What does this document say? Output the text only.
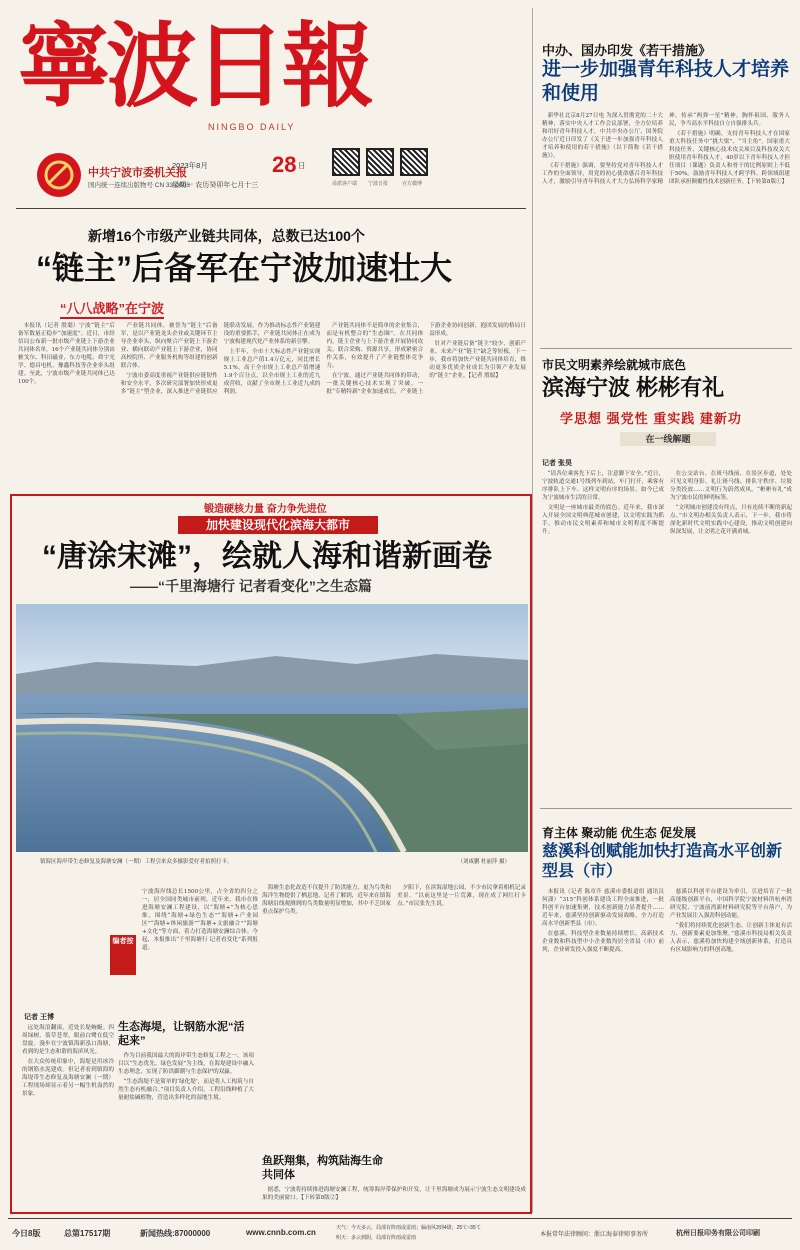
寧波日報
NINGBO DAILY
中共宁波市委机关报
国内统一连续出版物号 CN 33-0003
2023年8月	28 日
星期一 农历癸卯年七月十三	甬派客户端 宁波日报	官方微博
中办、国办印发《若干措施》
进一步加强青年科技人才培养和使用

新华社北京8月27日电 为深入贯彻党的二十大精神，落实中央人才工作会议部署，全方位培养和用好青年科技人才，中共中央办公厅、国务院办公厅近日印发了《关于进一步加强青年科技人才培养和使用的若干措施》（以下简称《若干措施》）。

《若干措施》强调，要坚持党对青年科技人才工作的全面领导，用党的初心使命感召青年科技人才，激励引导青年科技人才大力弘扬科学家精神，传承“两弹一星”精神，胸怀祖国、服务人民，争当高水平科技自立自强排头兵。

《若干措施》明确，支持青年科技人才在国家重大科技任务中“挑大梁”、“当主角”。国家重大科技任务、关键核心技术攻关项目及科技攻关大胆使用青年科技人才，40岁以下青年科技人才担任项目（课题）负责人和骨干的比例原则上不低于50%。鼓励青年科技人才跨学科、跨领域组建团队承担颠覆性技术创新任务。【下转第8版①】

新增16个市级产业链共同体，总数已达100个
“链主”后备军在宁波加速壮大
“八八战略”在宁波

本报讯（记者 殷聪）宁波“链主”后备军数量正稳步“加速度”。近日，市经信局公布新一批市级产业链上下游企业共同体名单，16个产业链共同体分别由雅戈尔、科田磁业、东方电缆、舜宇光学、德昌电机、豫鑫科技等企业牵头组建。至此，宁波市级产业链共同体已达100个。

产业链共同体，被誉为“链主”后备军，是以产业链龙头企业或关键环节主导企业牵头，纵向聚合产业链上下游企业、横向联动产业链上下游企业，协同高校院所、产业服务机构等组建的创新联合体。

宁波市委高度重视产业链供应链韧性和安全水平，多次研究部署加快形成更多“链主”型企业，深入推进产业链供应链联动发展。作为推动标志性产业链建设的重要抓手，产业链共同体正在成为宁波构建现代化产业体系的新引擎。

上半年，全市十大标志性产业链实现规上工业总产值1.4万亿元，同比增长5.1%，高于全市规上工业总产值增速1.9个百分点，以全市规上工业的近九成营收，贡献了全市规上工业近九成的利润。

产业链共同体不是简单的企业集合，而是有机整合的“生态圈”。在共同体内，链主企业与上下游企业开展协同攻关、联合采购、资源共享，形成紧密合作关系，有效提升了产业链整体竞争力。

在宁波，通过产业链共同体的带动，一批关键核心技术实现了突破，一批“专精特新”企业加速成长，产业链上下游企业协同创新、抱团发展的格局日益形成。

针对产业链后备“链主”较少、创新产业、未来产业“链主”缺乏等短板，下一步，我市将加快产业链共同体培育，推动更多优质企业成长为引领产业发展的“链主”企业。【记者 殷聪】

锻造硬核力量 奋力争先进位
加快建设现代化滨海大都市
“唐涂宋滩”，绘就人海和谐新画卷
——“千里海塘行 记者看变化”之生态篇
镇海区海岸带生态修复及海塘安澜（一期）工程引来众多摄影爱好者拍照打卡。	（刘咸鹏 杜丽萍 摄）
编者按
宁波海岸线总长1500公里，占全省的四分之一，居全国同类城市前列。近年来，我市在推进海塘安澜工程建设，以“海塘+”为核心思维，围绕“海塘+绿色生态”“海塘+产业园区”“海塘+休闲旅游”“海塘+文旅融合”“海塘+文化”等方面，着力打造海塘安澜综合体。今起，本报推出“千里海塘行 记者看变化”系列报道。
记者 王博
生态海堤，让钢筋水泥“活起来”
鱼跃翔集，构筑陆海生命共同体

远处海浪翻滚，近处长堤蜿蜒。四周绿树、蓊草苍翠，眼前白鹭在低空盘旋。漫步在宁波镇海新泓口海塘，看到的是生态和谐的海滨风光。

在大众传统印象中，海堤是用冰冷的钢筋水泥建成。但记者看到镇海的海堤带生态修复及海塘安澜（一期）工程现场却显示着另一幅生机盎然的景象。

作为目前我国最大的海岸带生态修复工程之一，该项目以“生态优先、绿色发展”为主线，在海堤建设中融入生态理念，实现了防洪御潮与生态保护的双赢。

“生态海堤不是简单的‘绿化堤’，而是将人工构筑与自然生态有机融合。”项目负责人介绍，工程沿线种植了大量耐盐碱植物，营造出多样化的湿地生境。

海塘生态化改造不仅提升了防洪能力，更为鸟类和海洋生物提供了栖息地。记者了解到，近年来在镇海海塘沿线观测到的鸟类数量明显增加，其中不乏国家重点保护鸟类。

夕阳下，在滨海湿地公园，不少市民拿着相机记录美景。“以前这里是一片荒滩，现在成了网红打卡点。”市民张先生说。

据悉，宁波将持续推进海塘安澜工程，统筹海岸带保护和开发，让千里海塘成为展示宁波生态文明建设成果的美丽窗口。【下转第8版②】

市民文明素养绘就城市底色
滨海宁波 彬彬有礼
学思想 强党性 重实践 建新功
在一线解题
记者 张昊

“请各位乘客先下后上，注意脚下安全。”近日，宁波轨道交通1号线列车到站，车门打开，乘客有序排队上下车。这样文明有序的场景，如今已成为宁波城市生活的日常。

文明是一座城市最美的底色。近年来，我市深入开展全国文明典范城市创建，以文明实践为抓手，推动市民文明素养和城市文明程度不断提升。

在公交站台、在斑马线前、在景区步道，处处可见文明身影。礼让斑马线、排队守秩序、垃圾分类投放……文明行为蔚然成风，“彬彬有礼”成为宁波市民的鲜明标签。

“文明城市创建没有终点，只有连续不断的新起点。”市文明办相关负责人表示，下一步，我市将深化新时代文明实践中心建设，推动文明创建向纵深发展，让文明之花开满甬城。

育主体 聚动能 优生态 促发展
慈溪科创赋能加快打造高水平创新型县（市）

本报讯（记者 陈章升 慈溪市委报道组 通讯员 何潇）“315”科创体系建设工程全面推进，一批科创平台加速集聚，技术创新能力显著提升……近年来，慈溪坚持创新驱动发展战略，全力打造高水平创新型县（市）。

在慈溪，科技型企业数量持续增长，高新技术企业数和科技型中小企业数均居全省县（市）前列，企业研发投入强度不断提高。

慈溪以科创平台建设为牵引，引进培育了一批高能级创新平台，中国科学院宁波材料所杭州湾研究院、宁波前湾新材料研究院等平台落户，为产业发展注入强劲科创动能。

“我们将持续优化创新生态，让创新主体更有活力、创新要素更加集聚。”慈溪市科技局相关负责人表示，慈溪将加快构建全域创新体系，打造具有区域影响力的科创高地。

今日8版	总第17517期	新闻热线:87000000	www.cnnb.com.cn	天气：今天多云，局部有阵雨或雷雨；偏南风3到4级；25℃~35℃
明天：多云到阴，局部有阵雨或雷雨	本报常年法律顾问：浙江海泰律师事务所	杭州日报印务有限公司印刷
